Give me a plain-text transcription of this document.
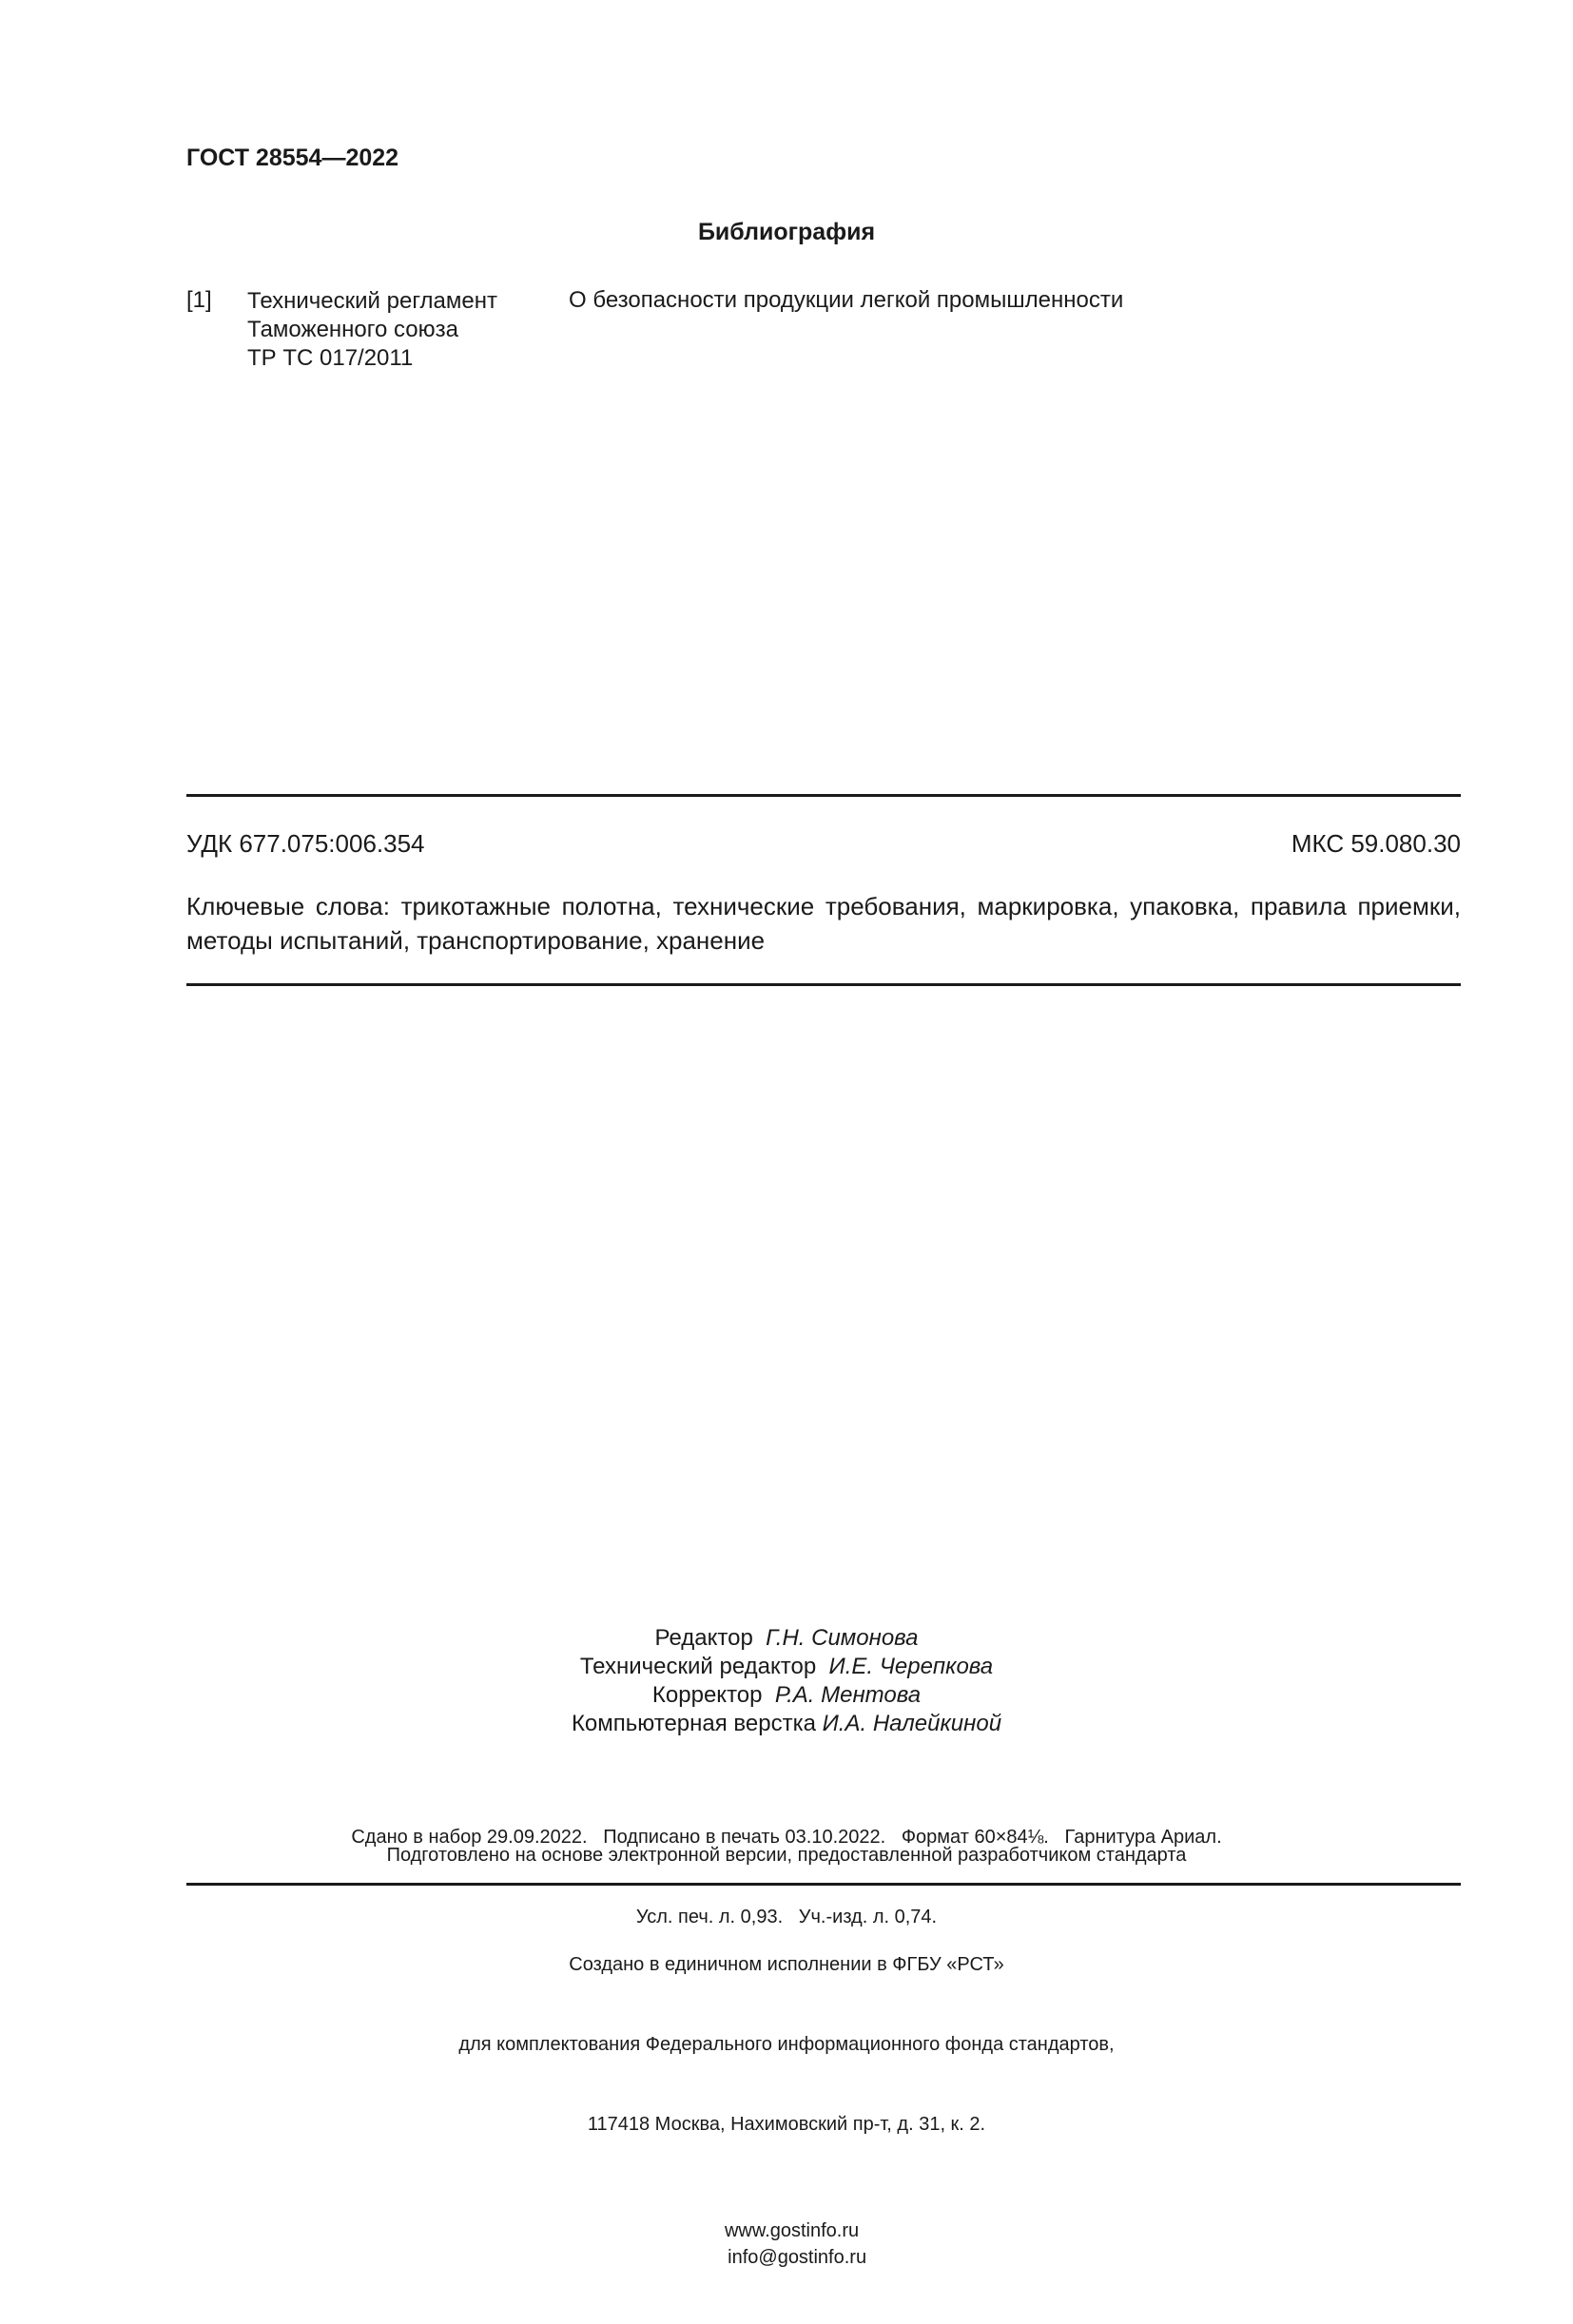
ГОСТ 28554—2022
Библиография
[1] Технический регламент
Таможенного союза
ТР ТС 017/2011
О безопасности продукции легкой промышленности
УДК 677.075:006.354	МКС 59.080.30
Ключевые слова: трикотажные полотна, технические требования, маркировка, упаковка, правила приемки, методы испытаний, транспортирование, хранение
Редактор Г.Н. Симонова
Технический редактор И.Е. Черепкова
Корректор Р.А. Ментова
Компьютерная верстка И.А. Налейкиной

Сдано в набор 29.09.2022.   Подписано в печать 03.10.2022.   Формат 60×84⅛.   Гарнитура Ариал.

Усл. печ. л. 0,93.   Уч.-изд. л. 0,74.

Подготовлено на основе электронной версии, предоставленной разработчиком стандарта

Создано в единичном исполнении в ФГБУ «РСТ»

для комплектования Федерального информационного фонда стандартов,

117418 Москва, Нахимовский пр-т, д. 31, к. 2.

www.gostinfo.ru
info@gostinfo.ru
